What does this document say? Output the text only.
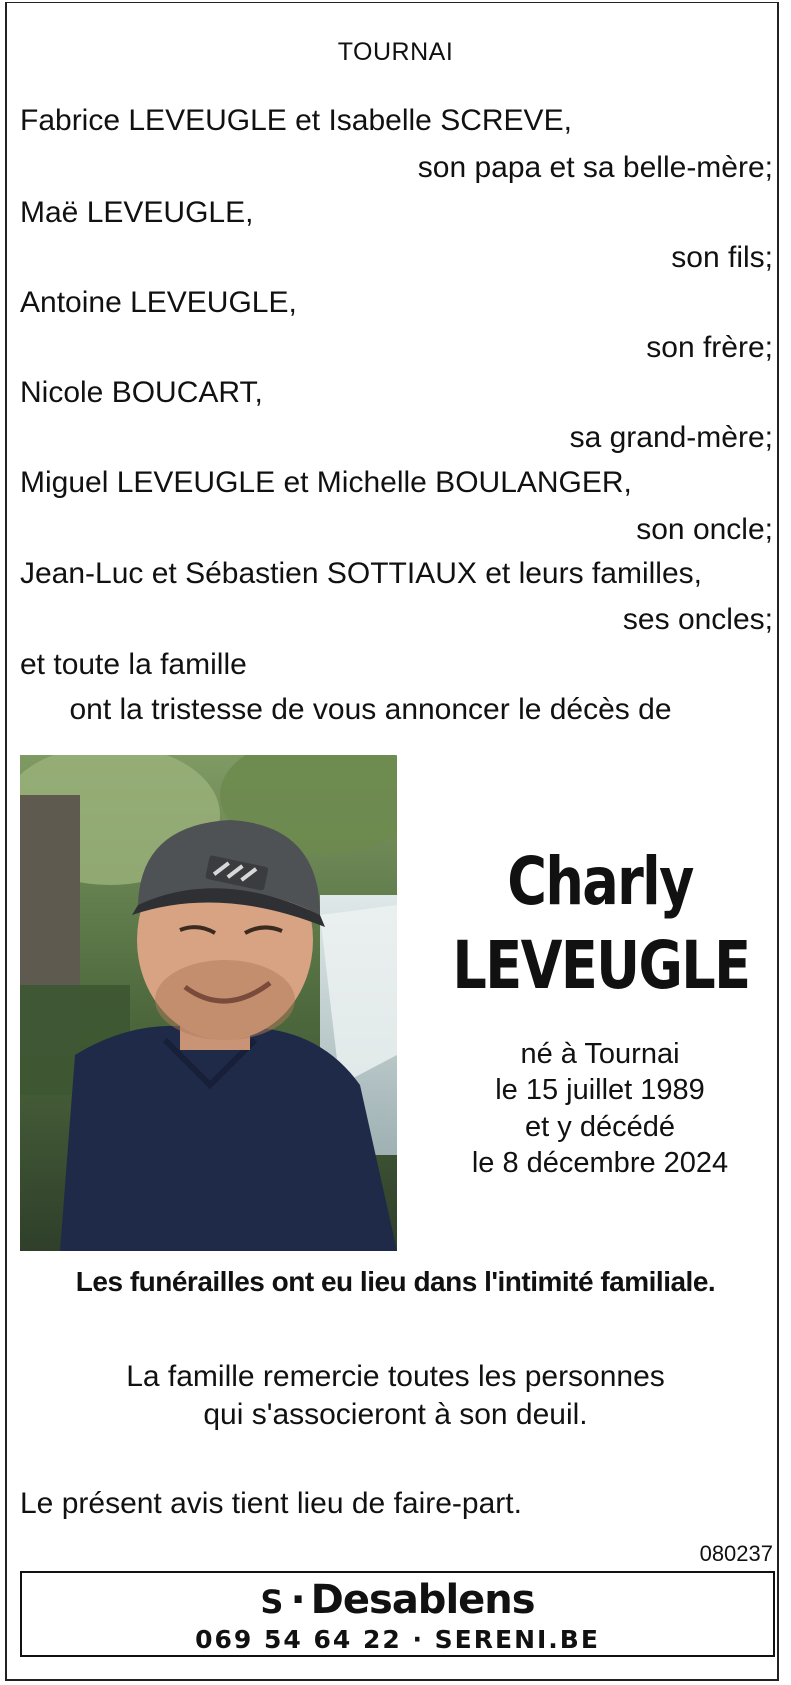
TOURNAI
Fabrice LEVEUGLE et Isabelle SCREVE,
son papa et sa belle-mère;
Maë LEVEUGLE,
son fils;
Antoine LEVEUGLE,
son frère;
Nicole BOUCART,
sa grand-mère;
Miguel LEVEUGLE et Michelle BOULANGER,
son oncle;
Jean-Luc et Sébastien SOTTIAUX et leurs familles,
ses oncles;
et toute la famille
ont la tristesse de vous annoncer le décès de
Charly
LEVEUGLE
né à Tournai
le 15 juillet 1989
et y décédé
le 8 décembre 2024
Les funérailles ont eu lieu dans l'intimité familiale.
La famille remercie toutes les personnes
qui s'associeront à son deuil.
Le présent avis tient lieu de faire-part.
080237
S · Desablens
069 54 64 22 · SERENI.BE
